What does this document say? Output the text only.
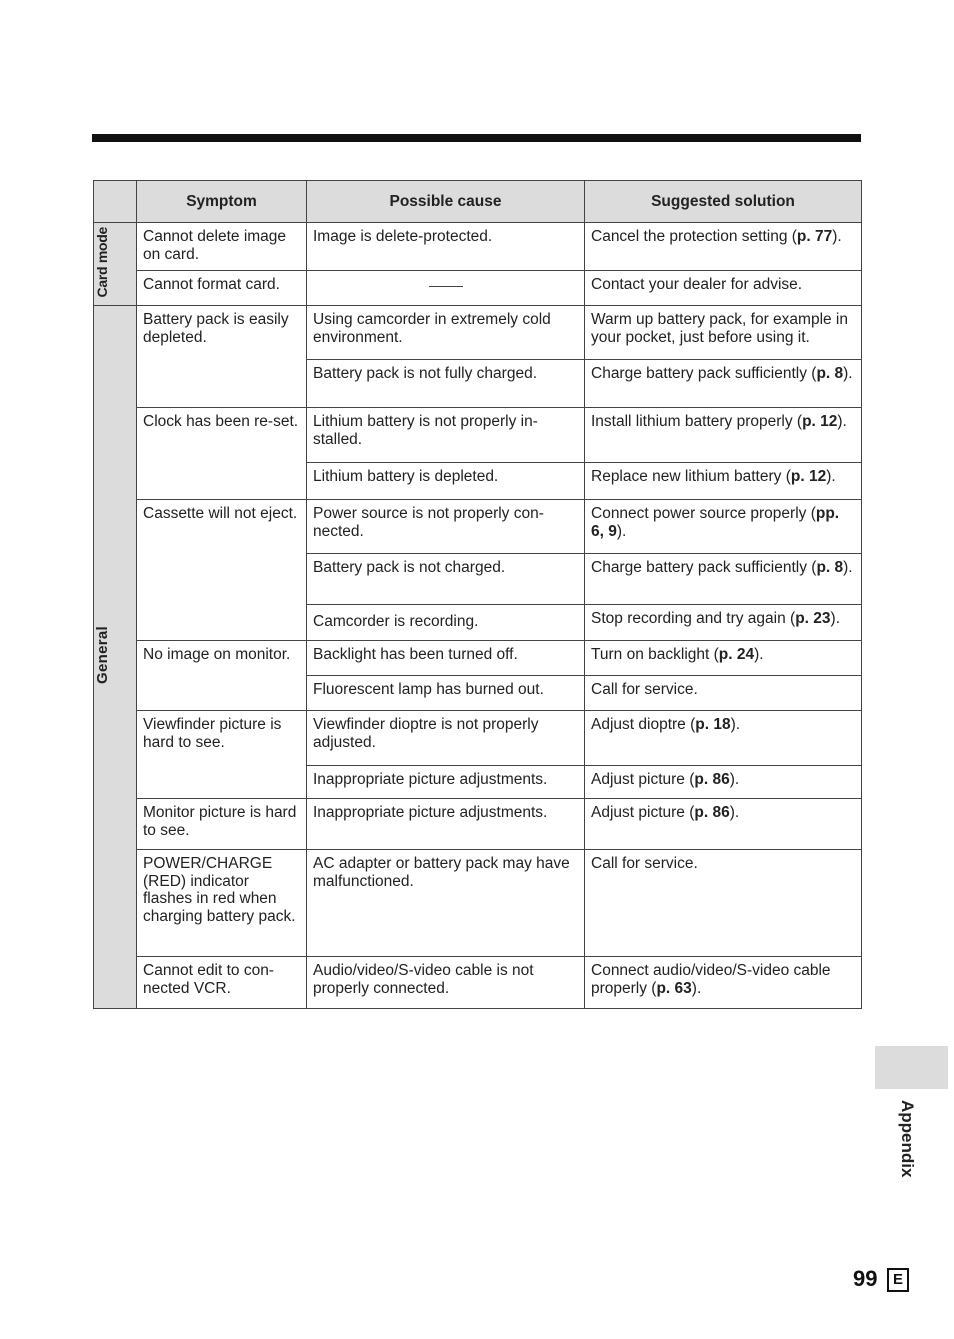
	Symptom	Possible cause	Suggested solution
Card mode	Cannot delete image on card.	Image is delete-protected.	Cancel the protection setting (p. 77).
	Cannot format card.		Contact your dealer for advise.
General	Battery pack is easily depleted.	Using camcorder in extremely cold environment.	Warm up battery pack, for example in your pocket, just before using it.
		Battery pack is not fully charged.	Charge battery pack sufficiently (p. 8).
	Clock has been re-set.	Lithium battery is not properly in-stalled.	Install lithium battery properly (p. 12).
		Lithium battery is depleted.	Replace new lithium battery (p. 12).
	Cassette will not eject.	Power source is not properly con-nected.	Connect power source properly (pp. 6, 9).
		Battery pack is not charged.	Charge battery pack sufficiently (p. 8).
		Camcorder is recording.	Stop recording and try again (p. 23).
	No image on monitor.	Backlight has been turned off.	Turn on backlight (p. 24).
		Fluorescent lamp has burned out.	Call for service.
	Viewfinder picture is hard to see.	Viewfinder dioptre is not properly adjusted.	Adjust dioptre (p. 18).
		Inappropriate picture adjustments.	Adjust picture (p. 86).
	Monitor picture is hard to see.	Inappropriate picture adjustments.	Adjust picture (p. 86).
	POWER/CHARGE (RED) indicator flashes in red when charging battery pack.	AC adapter or battery pack may have malfunctioned.	Call for service.
	Cannot edit to con-nected VCR.	Audio/video/S-video cable is not properly connected.	Connect audio/video/S-video cable properly (p. 63).
Appendix
99	E
